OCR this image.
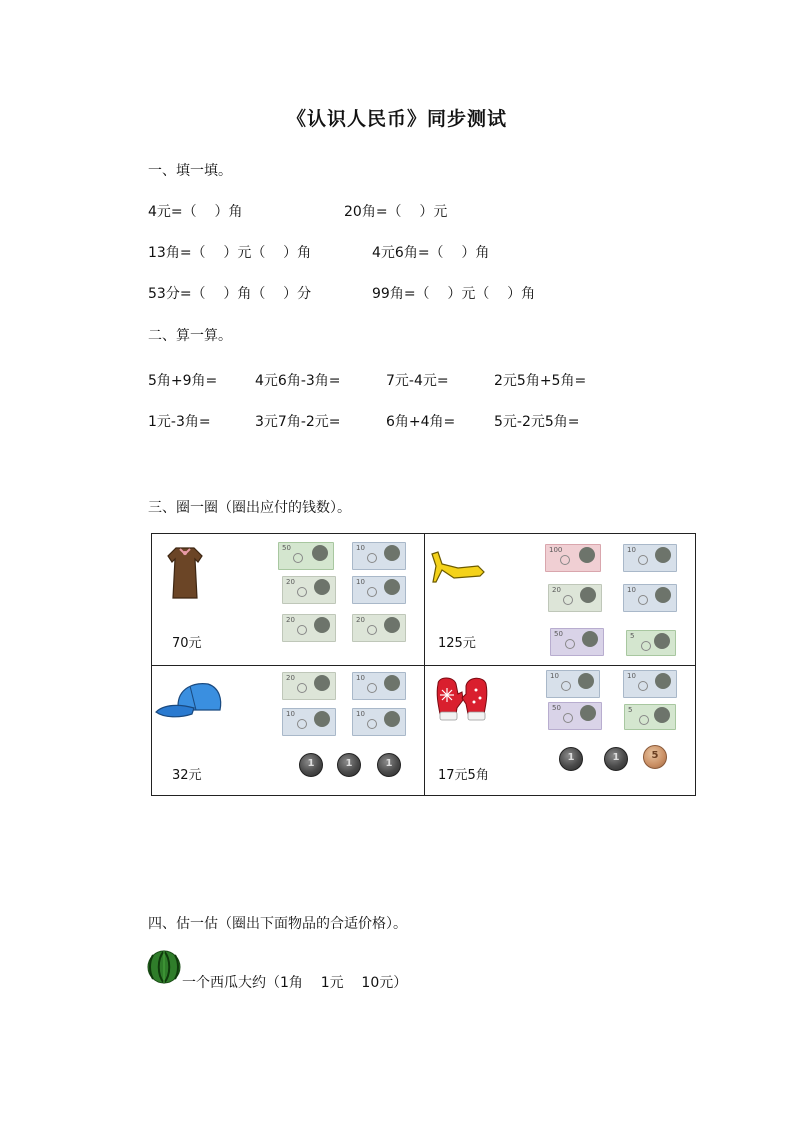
《认识人民币》同步测试
一、填一填。
4元=（    ）角	20角=（    ）元
13角=（    ）元（    ）角	4元6角=（    ）角
53分=（    ）角（    ）分	99角=（    ）元（    ）角
二、算一算。
5角+9角=	4元6角-3角=	7元-4元=	2元5角+5角=
1元-3角=	3元7角-2元=	6角+4角=	5元-2元5角=
三、圈一圈（圈出应付的钱数）。
70元
50	10
20	10
20	20
125元
100	10
20	10
50	5
32元
20	10
10	10
1	1	1
17元5角
10	10
50	5
1	1	5
四、估一估（圈出下面物品的合适价格）。
一个西瓜大约（1角    1元    10元）
